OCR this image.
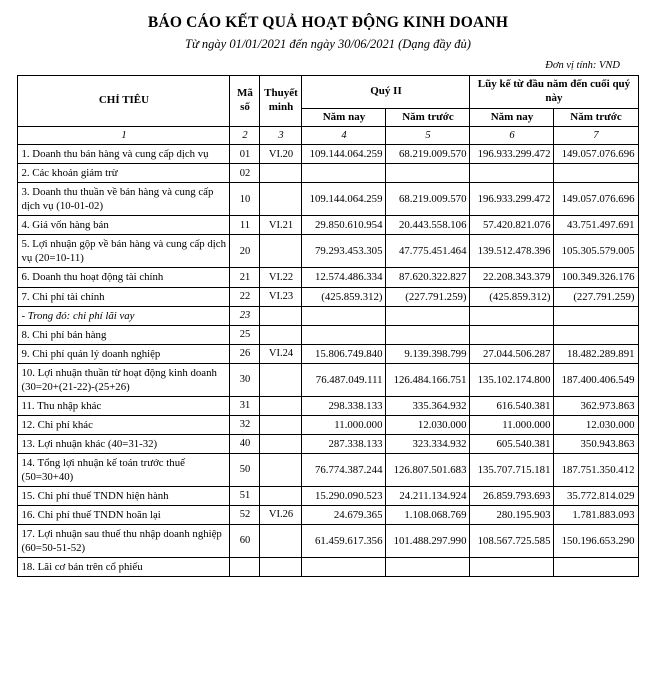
BÁO CÁO KẾT QUẢ HOẠT ĐỘNG KINH DOANH
Từ ngày 01/01/2021 đến ngày 30/06/2021 (Dạng đầy đủ)
Đơn vị tính: VND
CHỈ TIÊU	Mã số	Thuyết minh	Quý II		Lũy kế từ đầu năm đến cuối quý này	
			Năm nay	Năm trước	Năm nay	Năm trước
1	2	3	4	5	6	7
1. Doanh thu bán hàng và cung cấp dịch vụ	01	VI.20	109.144.064.259	68.219.009.570	196.933.299.472	149.057.076.696
2. Các khoản giảm trừ	02					
3. Doanh thu thuần về bán hàng và cung cấp dịch vụ (10-01-02)	10		109.144.064.259	68.219.009.570	196.933.299.472	149.057.076.696
4. Giá vốn hàng bán	11	VI.21	29.850.610.954	20.443.558.106	57.420.821.076	43.751.497.691
5. Lợi nhuận gộp về bán hàng và cung cấp dịch vụ (20=10-11)	20		79.293.453.305	47.775.451.464	139.512.478.396	105.305.579.005
6. Doanh thu hoạt động tài chính	21	VI.22	12.574.486.334	87.620.322.827	22.208.343.379	100.349.326.176
7. Chi phí tài chính	22	VI.23	(425.859.312)	(227.791.259)	(425.859.312)	(227.791.259)
- Trong đó: chi phí lãi vay	23					
8. Chi phí bán hàng	25					
9. Chi phí quản lý doanh nghiệp	26	VI.24	15.806.749.840	9.139.398.799	27.044.506.287	18.482.289.891
10. Lợi nhuận thuần từ hoạt động kinh doanh (30=20+(21-22)-(25+26)	30		76.487.049.111	126.484.166.751	135.102.174.800	187.400.406.549
11. Thu nhập khác	31		298.338.133	335.364.932	616.540.381	362.973.863
12. Chi phí khác	32		11.000.000	12.030.000	11.000.000	12.030.000
13. Lợi nhuận khác (40=31-32)	40		287.338.133	323.334.932	605.540.381	350.943.863
14. Tổng lợi nhuận kế toán trước thuế (50=30+40)	50		76.774.387.244	126.807.501.683	135.707.715.181	187.751.350.412
15. Chi phí thuế TNDN hiện hành	51		15.290.090.523	24.211.134.924	26.859.793.693	35.772.814.029
16. Chi phí thuế TNDN hoãn lại	52	VI.26	24.679.365	1.108.068.769	280.195.903	1.781.883.093
17. Lợi nhuận sau thuế thu nhập doanh nghiệp (60=50-51-52)	60		61.459.617.356	101.488.297.990	108.567.725.585	150.196.653.290
18. Lãi cơ bản trên cổ phiếu						
